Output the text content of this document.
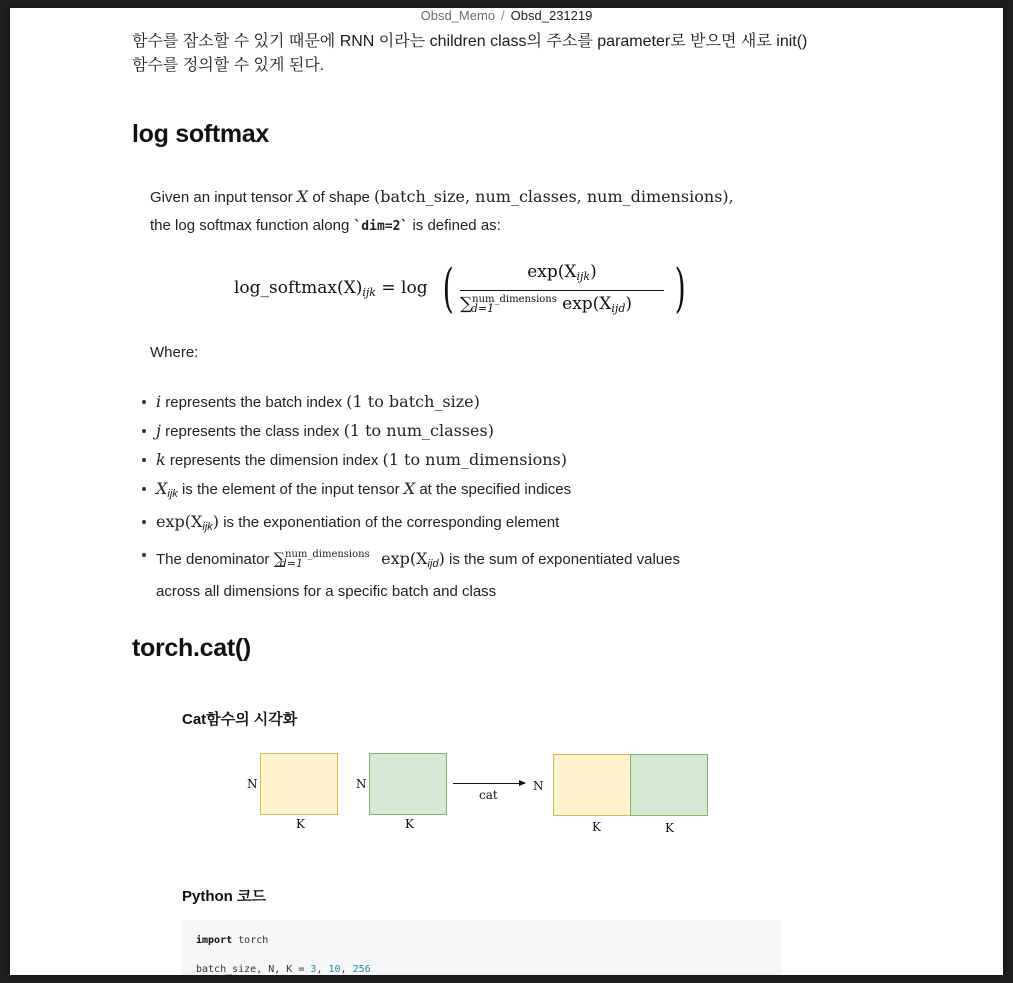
Obsd_Memo / Obsd_231219
함수를 잠소할 수 있기 때문에 RNN 이라는 children class의 주소를 parameter로 받으면 새로 init()
함수를 정의할 수 있게 된다.
log softmax
Given an input tensor X of shape (batch_size, num_classes, num_dimensions),
the log softmax function along `dim=2` is defined as:
$\log\_softmax(X)_{ijk} = \log$ (	$\exp(X_{ijk})$
∑$^{num\_dimensions}_{d=1}$	$\exp(X_{ijd})$ )
Where:
i represents the batch index (1 to batch_size)
j represents the class index (1 to num_classes)
k represents the dimension index (1 to num_dimensions)
$X_{ijk}$ is the element of the input tensor X at the specified indices
$\exp(X_{ijk})$ is the exponentiation of the corresponding element
The denominator ∑$^{num\_dimensions}_{d=1}$	$\exp(X_{ijd})$ is the sum of exponentiated values
across all dimensions for a specific batch and class
torch.cat()
Cat함수의 시각화
N
K
N
K
cat
N
K	K
Python 코드
import torch
batch_size, N, K = 3, 10, 256
